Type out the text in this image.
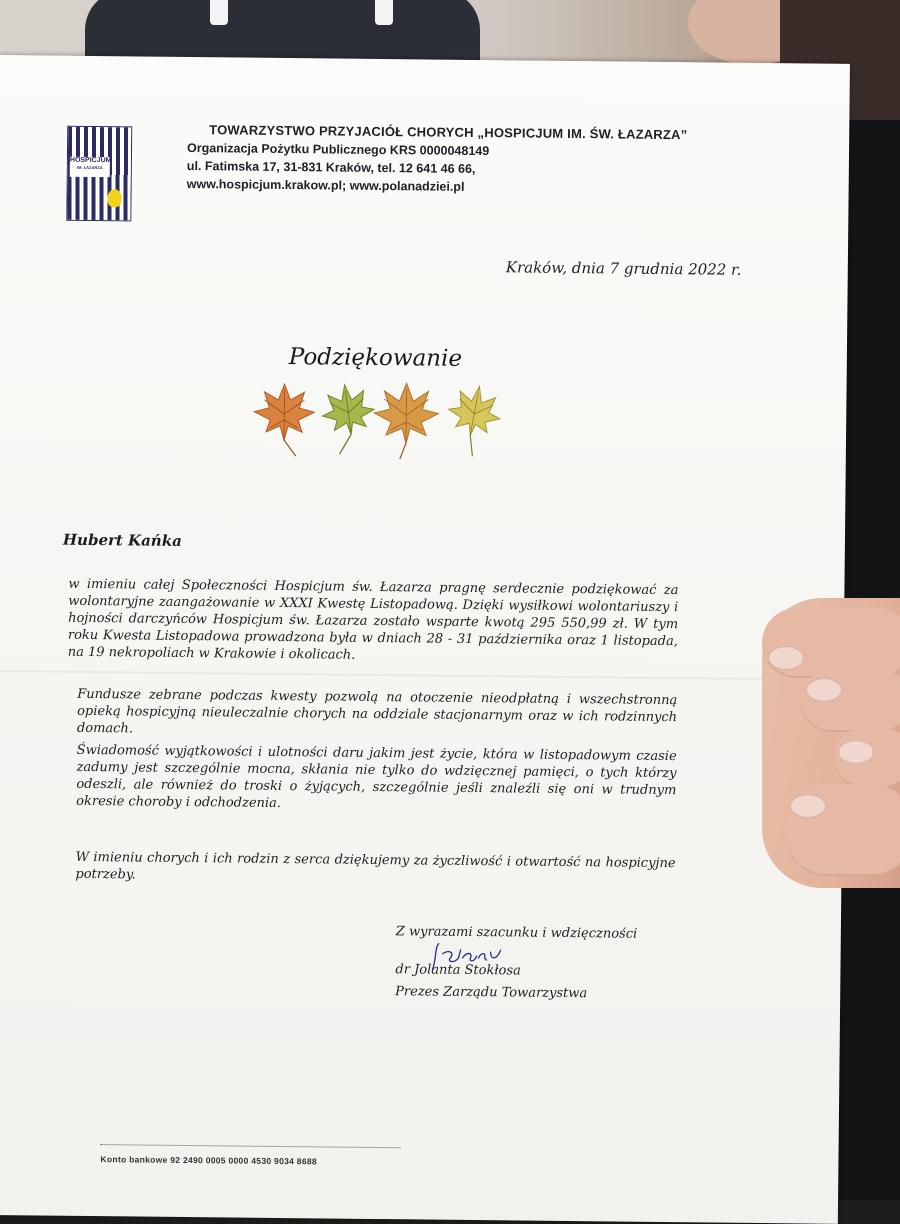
HOSPICJUM
IM. ŁAZARZA
TOWARZYSTWO PRZYJACIÓŁ CHORYCH „HOSPICJUM IM. ŚW. ŁAZARZA”
Organizacja Pożytku Publicznego KRS 0000048149
ul. Fatimska 17, 31-831 Kraków, tel. 12 641 46 66,
www.hospicjum.krakow.pl; www.polanadziei.pl
Kraków, dnia 7 grudnia 2022 r.
Podziękowanie
Hubert Kańka
w imieniu całej Społeczności Hospicjum św. Łazarza pragnę serdecznie podziękować za wolontaryjne zaangażowanie w XXXI Kwestę Listopadową. Dzięki wysiłkowi wolontariuszy i hojności darczyńców Hospicjum św. Łazarza zostało wsparte kwotą 295 550,99 zł. W tym roku Kwesta Listopadowa prowadzona była w dniach 28 - 31 października oraz 1 listopada, na 19 nekropoliach w Krakowie i okolicach.
Fundusze zebrane podczas kwesty pozwolą na otoczenie nieodpłatną i wszechstronną opieką hospicyjną nieuleczalnie chorych na oddziale stacjonarnym oraz w ich rodzinnych domach.
Świadomość wyjątkowości i ulotności daru jakim jest życie, która w listopadowym czasie zadumy jest szczególnie mocna, skłania nie tylko do wdzięcznej pamięci, o tych którzy odeszli, ale również do troski o żyjących, szczególnie jeśli znaleźli się oni w trudnym okresie choroby i odchodzenia.
W imieniu chorych i ich rodzin z serca dziękujemy za życzliwość i otwartość na hospicyjne potrzeby.
Z wyrazami szacunku i wdzięczności
dr Jolanta Stokłosa
Prezes Zarządu Towarzystwa
Konto bankowe 92 2490 0005 0000 4530 9034 8688
